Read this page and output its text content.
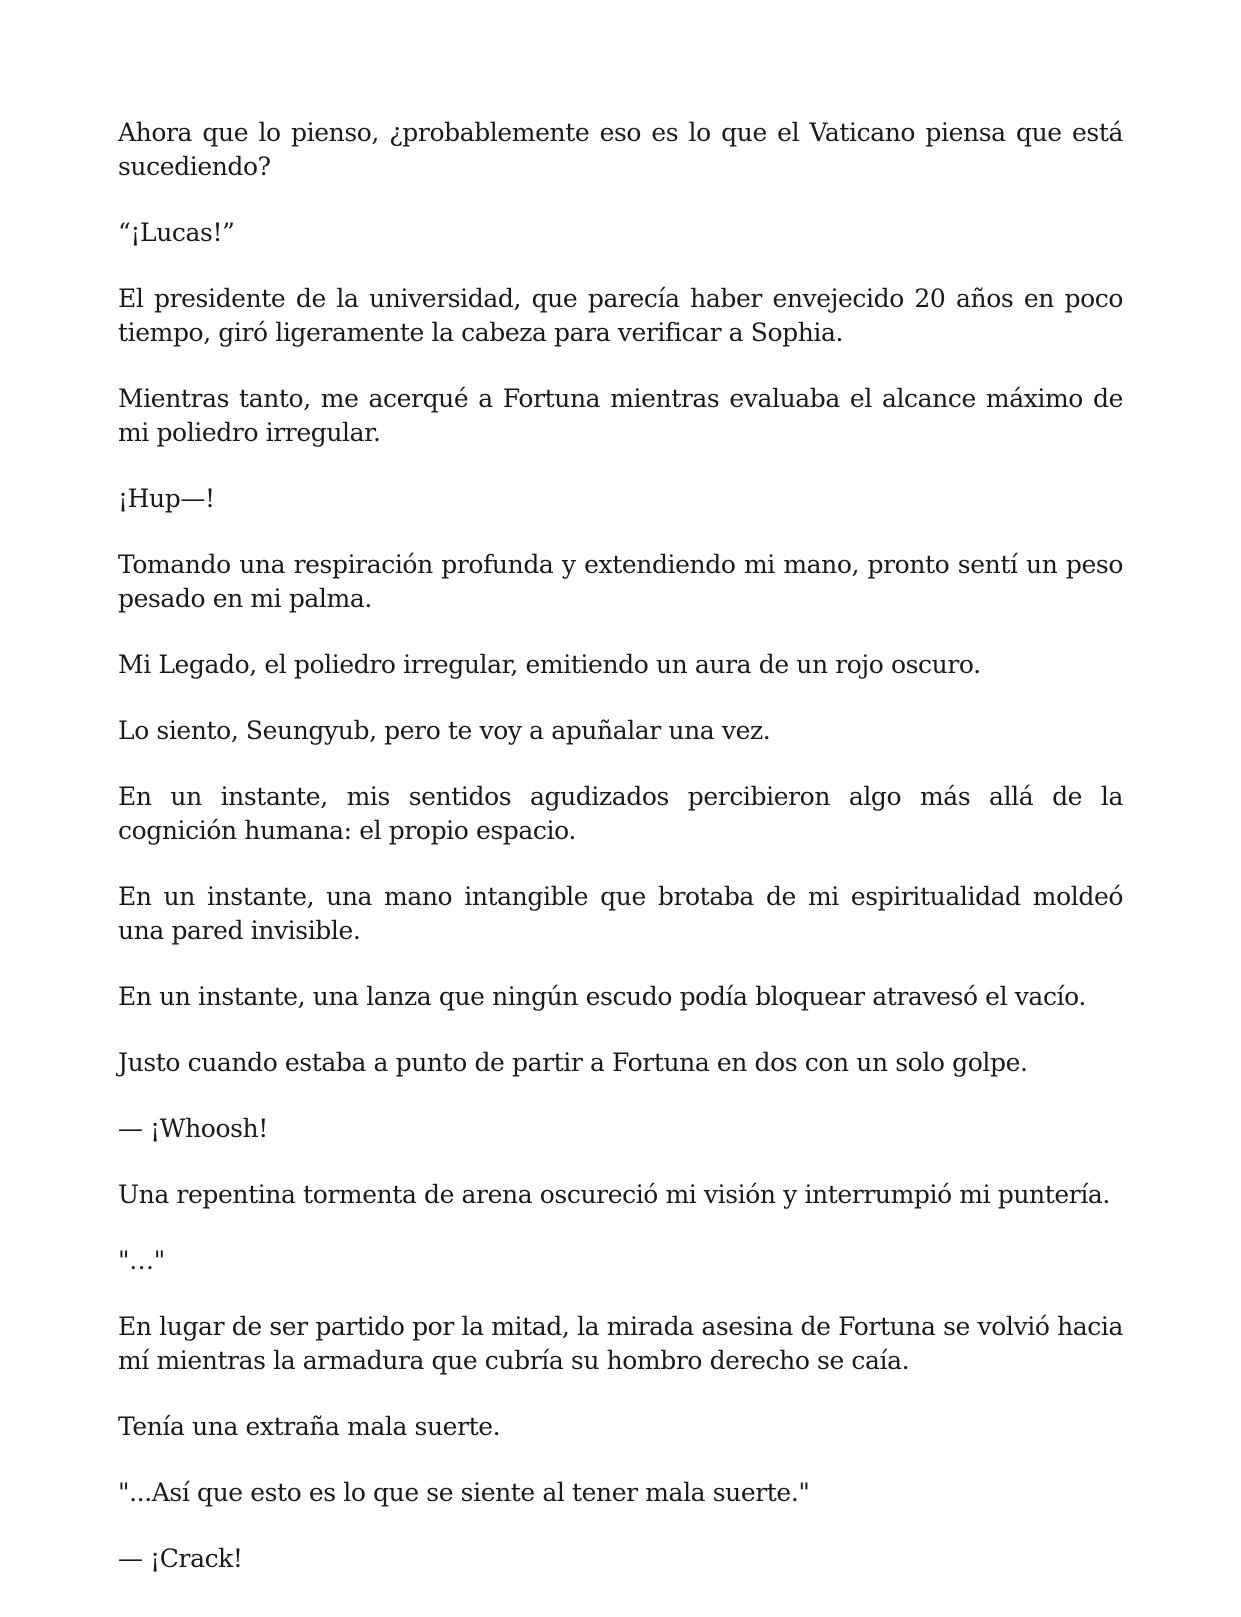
Ahora que lo pienso, ¿probablemente eso es lo que el Vaticano piensa que está sucediendo?

“¡Lucas!”

El presidente de la universidad, que parecía haber envejecido 20 años en poco tiempo, giró ligeramente la cabeza para verificar a Sophia.

Mientras tanto, me acerqué a Fortuna mientras evaluaba el alcance máximo de mi poliedro irregular.

¡Hup—!

Tomando una respiración profunda y extendiendo mi mano, pronto sentí un peso pesado en mi palma.

Mi Legado, el poliedro irregular, emitiendo un aura de un rojo oscuro.

Lo siento, Seungyub, pero te voy a apuñalar una vez.

En un instante, mis sentidos agudizados percibieron algo más allá de la cognición humana: el propio espacio.

En un instante, una mano intangible que brotaba de mi espiritualidad moldeó una pared invisible.

En un instante, una lanza que ningún escudo podía bloquear atravesó el vacío.

Justo cuando estaba a punto de partir a Fortuna en dos con un solo golpe.

— ¡Whoosh!

Una repentina tormenta de arena oscureció mi visión y interrumpió mi puntería.

"…"

En lugar de ser partido por la mitad, la mirada asesina de Fortuna se volvió hacia mí mientras la armadura que cubría su hombro derecho se caía.

Tenía una extraña mala suerte.

"...Así que esto es lo que se siente al tener mala suerte."

— ¡Crack!
